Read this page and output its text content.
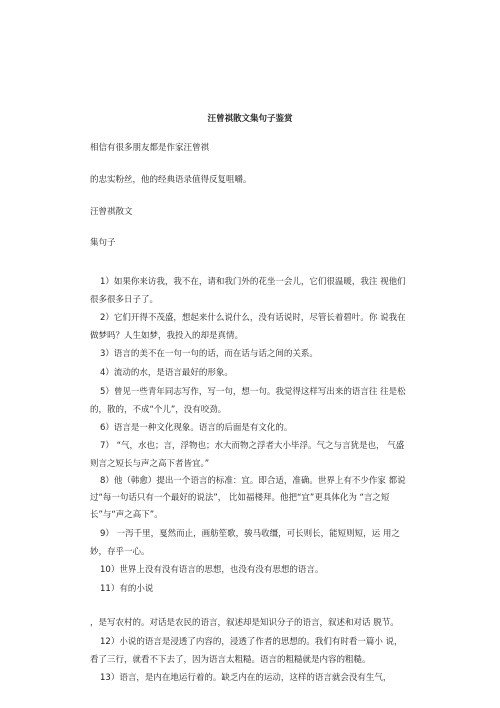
汪曾祺散文集句子鉴赏
相信有很多朋友都是作家汪曾祺
的忠实粉丝，他的经典语录值得反复咀嚼。
汪曾祺散文
集句子
1）如果你来访我，我不在，请和我门外的花坐一会儿，它们很温暖，我注 视他们很多很多日子了。
2）它们开得不茂盛，想起来什么说什么，没有话说时，尽管长着碧叶。你 说我在做梦吗？人生如梦，我投入的却是真情。
3）语言的美不在一句一句的话，而在话与话之间的关系。
4）流动的水，是语言最好的形象。
5）曾见一些青年同志写作，写一句，想一句。我觉得这样写出来的语言往 往是松的，散的，不成“个儿”，没有咬劲。
6）语言是一种文化现象。语言的后面是有文化的。
7） “气，水也；言，浮物也；水大而物之浮者大小毕浮。气之与言犹是也， 气盛则言之短长与声之高下者皆宜。”
8）他（韩愈）提出一个语言的标准：宜。即合适，准确。世界上有不少作家 都说过“每一句话只有一个最好的说法”， 比如福楼拜。他把“宜”更具体化为 “言之短长”与“声之高下”。
9） 一泻千里，戛然而止，画舫笙歌，骏马收缰，可长则长，能短则短，运 用之妙，存乎一心。
10）世界上没有没有语言的思想，也没有没有思想的语言。
11）有的小说
，是写农村的。对话是农民的语言，叙述却是知识分子的语言，叙述和对话 脱节。
12）小说的语言是浸透了内容的，浸透了作者的思想的。我们有时看一篇小 说，看了三行，就看不下去了，因为语言太粗糙。语言的粗糙就是内容的粗糙。
13）语言，是内在地运行着的。缺乏内在的运动，这样的语言就会没有生气，
